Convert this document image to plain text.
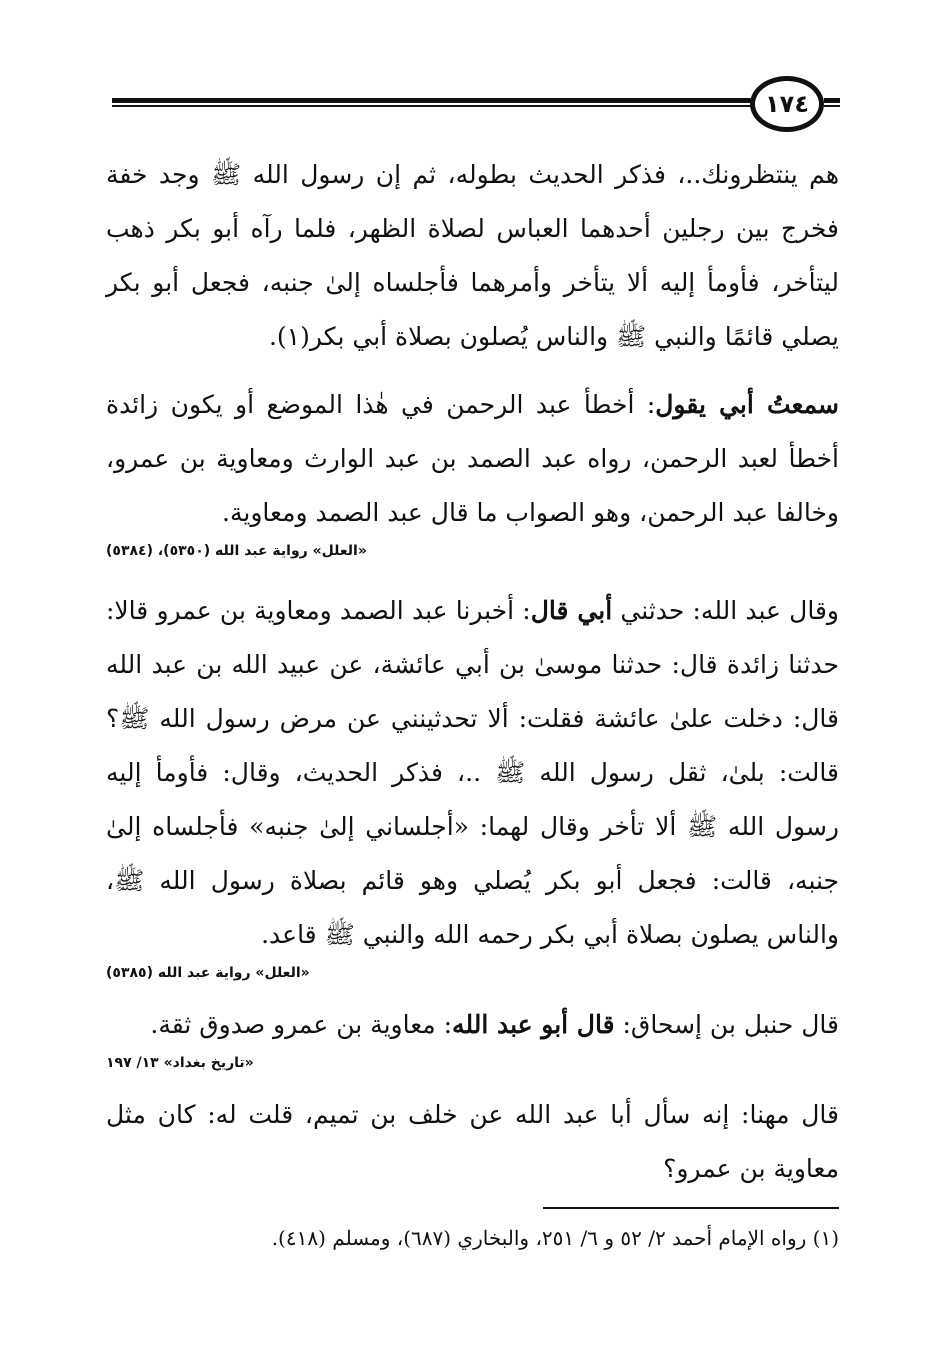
١٧٤

هم ينتظرونك..، فذكر الحديث بطوله، ثم إن رسول الله ﷺ وجد خفة فخرج بين رجلين أحدهما العباس لصلاة الظهر، فلما رآه أبو بكر ذهب ليتأخر، فأومأ إليه ألا يتأخر وأمرهما فأجلساه إلىٰ جنبه، فجعل أبو بكر يصلي قائمًا والنبي ﷺ والناس يُصلون بصلاة أبي بكر(١).

سمعتُ أبي يقول: أخطأ عبد الرحمن في هٰذا الموضع أو يكون زائدة أخطأ لعبد الرحمن، رواه عبد الصمد بن عبد الوارث ومعاوية بن عمرو، وخالفا عبد الرحمن، وهو الصواب ما قال عبد الصمد ومعاوية.

«العلل» رواية عبد الله (٥٣٥٠)، (٥٣٨٤)

وقال عبد الله: حدثني أبي قال: أخبرنا عبد الصمد ومعاوية بن عمرو قالا: حدثنا زائدة قال: حدثنا موسىٰ بن أبي عائشة، عن عبيد الله بن عبد الله قال: دخلت علىٰ عائشة فقلت: ألا تحدثينني عن مرض رسول الله ﷺ؟ قالت: بلىٰ، ثقل رسول الله ﷺ ..، فذكر الحديث، وقال: فأومأ إليه رسول الله ﷺ ألا تأخر وقال لهما: «أجلساني إلىٰ جنبه» فأجلساه إلىٰ جنبه، قالت: فجعل أبو بكر يُصلي وهو قائم بصلاة رسول الله ﷺ، والناس يصلون بصلاة أبي بكر رحمه الله والنبي ﷺ قاعد.

«العلل» رواية عبد الله (٥٣٨٥)

قال حنبل بن إسحاق: قال أبو عبد الله: معاوية بن عمرو صدوق ثقة.

«تاريخ بغداد» ١٣/ ١٩٧

قال مهنا: إنه سأل أبا عبد الله عن خلف بن تميم، قلت له: كان مثل معاوية بن عمرو؟

(١) رواه الإمام أحمد ٢/ ٥٢ و ٦/ ٢٥١، والبخاري (٦٨٧)، ومسلم (٤١٨).
